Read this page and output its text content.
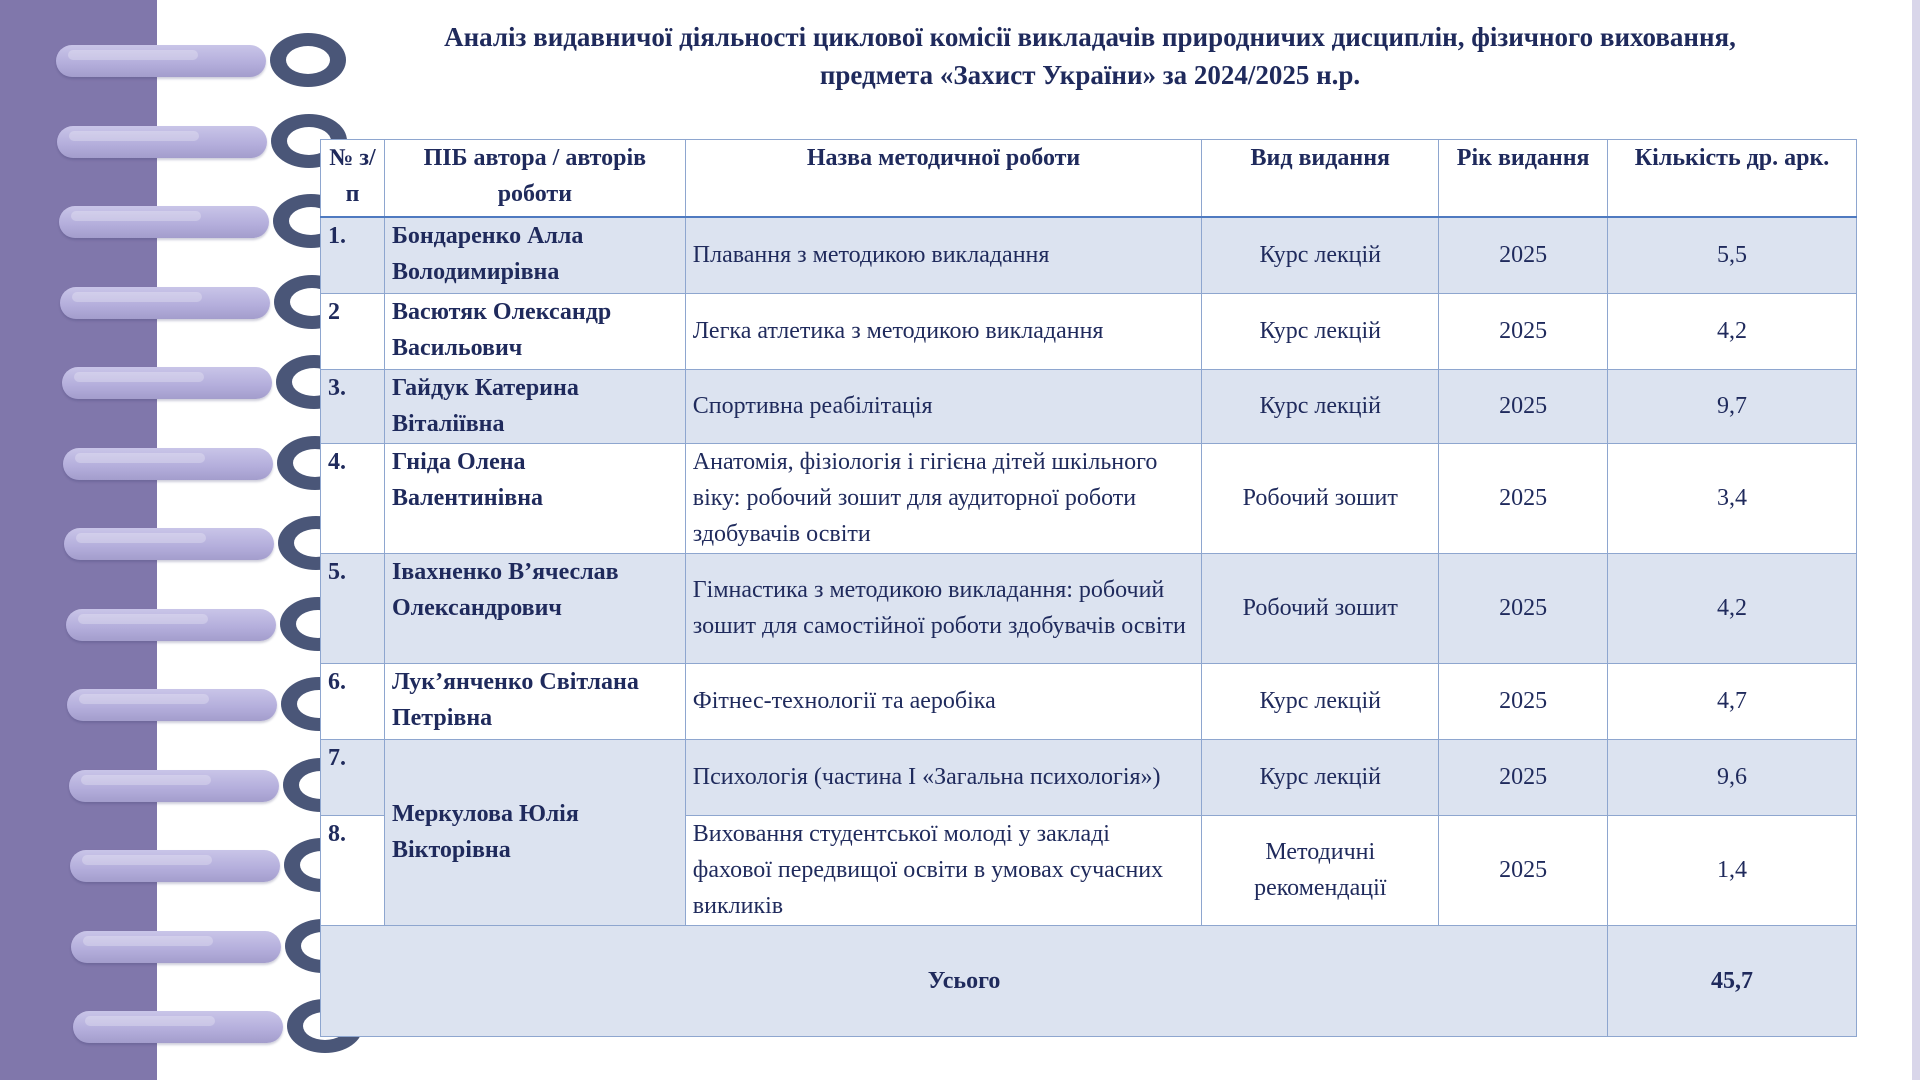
Аналіз видавничої діяльності циклової комісії викладачів природничих дисциплін, фізичного виховання,
предмета «Захист України» за 2024/2025 н.р.
№ з/п	ПІБ автора / авторів роботи	Назва методичної роботи	Вид видання	Рік видання	Кількість др. арк.
1.	Бондаренко Алла Володимирівна	Плавання з методикою викладання	Курс лекцій	2025	5,5
2	Васютяк Олександр Васильович	Легка атлетика з методикою викладання	Курс лекцій	2025	4,2
3.	Гайдук Катерина Віталіївна	Спортивна реабілітація	Курс лекцій	2025	9,7
4.	Гніда Олена Валентинівна	Анатомія, фізіологія і гігієна дітей шкільного віку: робочий зошит для аудиторної роботи здобувачів освіти	Робочий зошит	2025	3,4
5.	Івахненко В’ячеслав Олександрович	Гімнастика з методикою викладання: робочий зошит для самостійної роботи здобувачів освіти	Робочий зошит	2025	4,2
6.	Лук’янченко Світлана Петрівна	Фітнес-технології та аеробіка	Курс лекцій	2025	4,7
7.	Меркулова Юлія Вікторівна	Психологія (частина І «Загальна психологія»)	Курс лекцій	2025	9,6
8.		Виховання студентської молоді у закладі фахової передвищої освіти в умовах сучасних викликів	Методичні рекомендації	2025	1,4
Усього					45,7
